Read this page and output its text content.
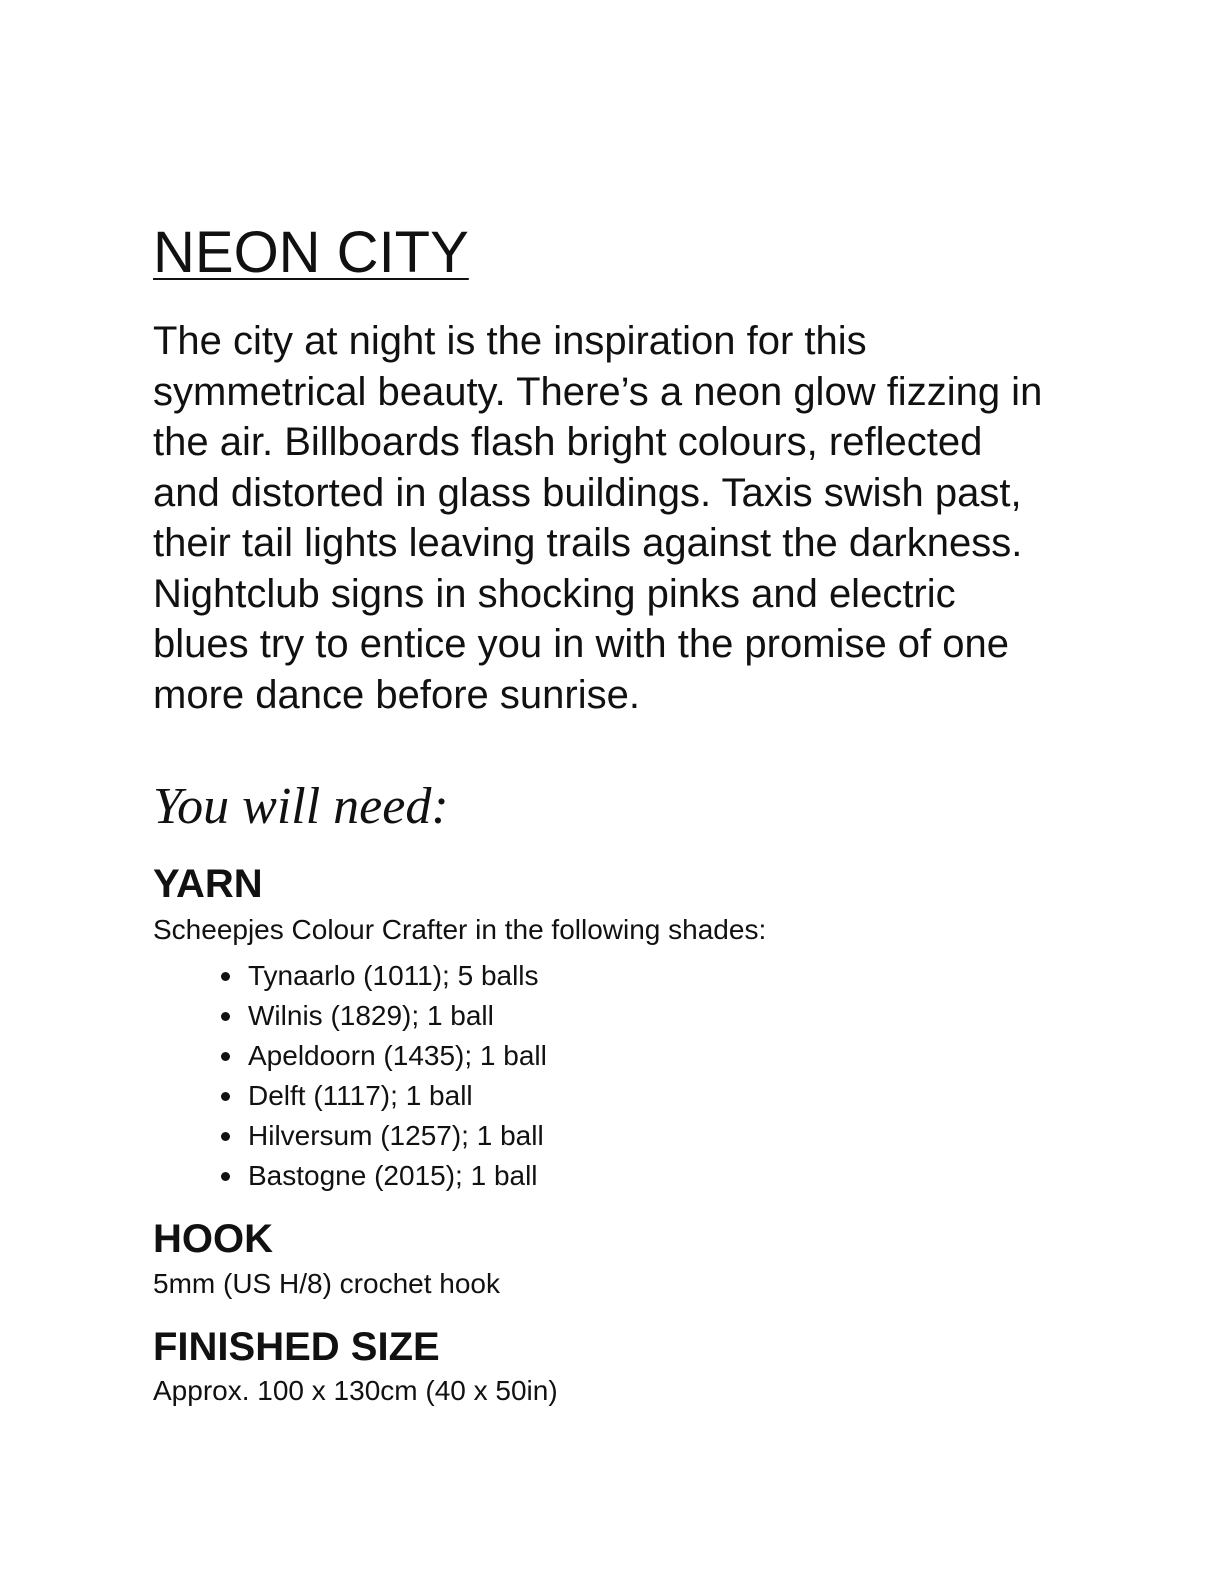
NEON CITY

The city at night is the inspiration for this symmetrical beauty. There’s a neon glow fizzing in the air. Billboards flash bright colours, reflected and distorted in glass buildings. Taxis swish past, their tail lights leaving trails against the darkness. Nightclub signs in shocking pinks and electric blues try to entice you in with the promise of one more dance before sunrise.

You will need:
YARN

Scheepjes Colour Crafter in the following shades:

Tynaarlo (1011); 5 balls
Wilnis (1829); 1 ball
Apeldoorn (1435); 1 ball
Delft (1117); 1 ball
Hilversum (1257); 1 ball
Bastogne (2015); 1 ball
HOOK

5mm (US H/8) crochet hook

FINISHED SIZE

Approx. 100 x 130cm (40 x 50in)
